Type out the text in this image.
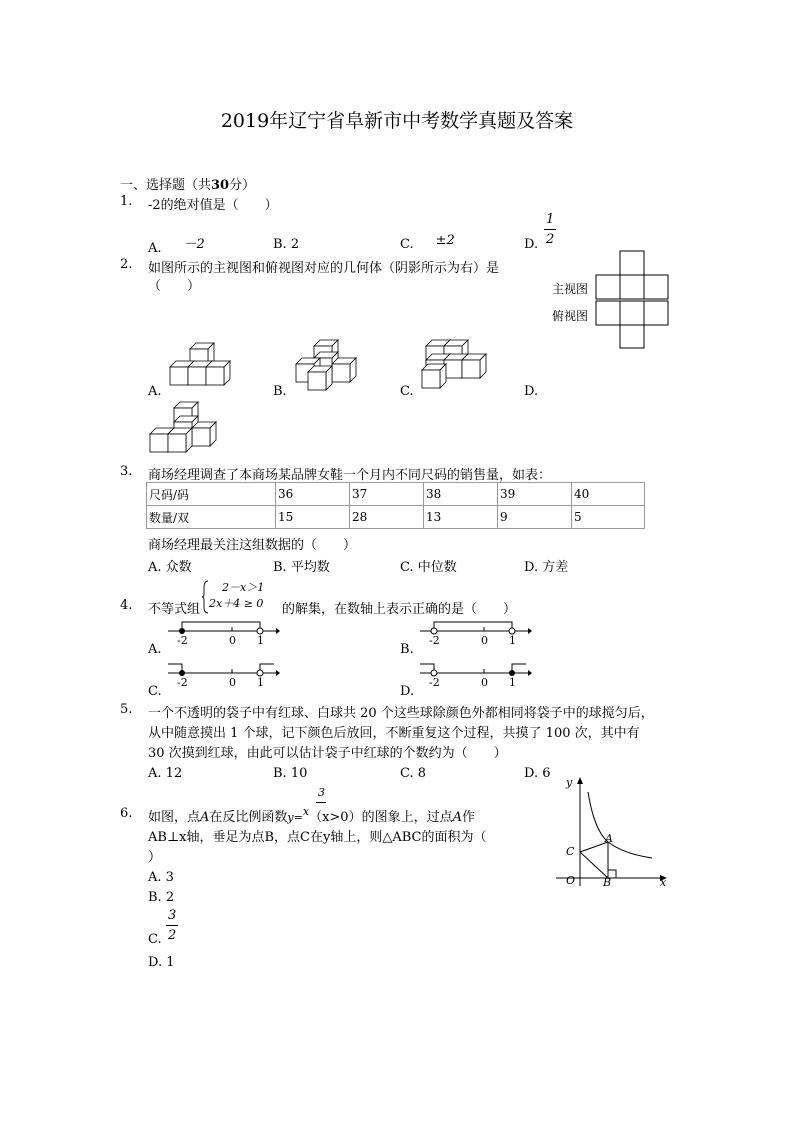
2019年辽宁省阜新市中考数学真题及答案
一、选择题（共30分）
1. -2的绝对值是（　　）
A. －2	B. 2	C. ±2	D.
1
2
2. 如图所示的主视图和俯视图对应的几何体（阴影所示为右）是
（　　）	主视图
俯视图
A.	B.	C.	D.
3. 商场经理调查了本商场某品牌女鞋一个月内不同尺码的销售量，如表：
尺码/码	36	37	38	39	40
数量/双	15	28	13	9	5
商场经理最关注这组数据的（　　）
A. 众数	B. 平均数	C. 中位数	D. 方差
4. 不等式组
2－x＞1
2x＋4 ≥ 0 的解集，在数轴上表示正确的是（　　）
A.	B.
C.	D.
-2	0 1	-2	0 1
-2	0 1	-2	0 1
5. 一个不透明的袋子中有红球、白球共 20 个这些球除颜色外都相同将袋子中的球搅匀后，
从中随意摸出 1 个球，记下颜色后放回，不断重复这个过程，共摸了 100 次，其中有
30 次摸到红球，由此可以估计袋子中红球的个数约为（　　）
A. 12	B. 10	C. 8	D. 6
6. 如图，点A在反比例函数y=$^x$（x>0）的图象上，过点A作
3
AB⊥x轴，垂足为点B，点C在y轴上，则△ABC的面积为（
）
y
x
O
A
B
C
A. 3
B. 2
C.
3
2
D. 1
